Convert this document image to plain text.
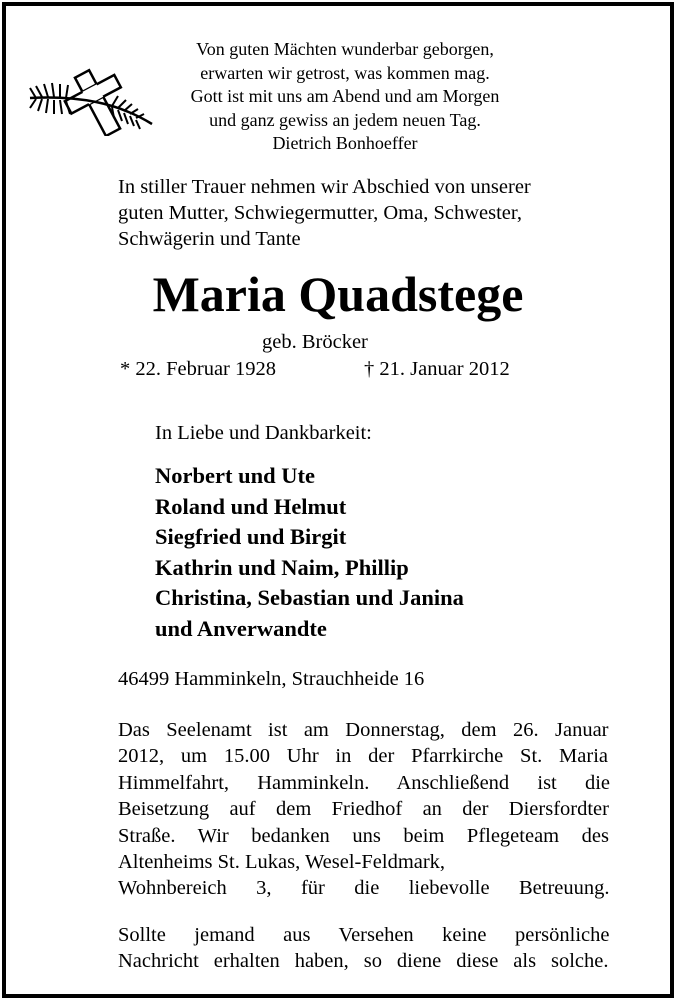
Von guten Mächten wunderbar geborgen,
erwarten wir getrost, was kommen mag.
Gott ist mit uns am Abend und am Morgen
und ganz gewiss an jedem neuen Tag.
Dietrich Bonhoeffer
In stiller Trauer nehmen wir Abschied von unserer
guten Mutter, Schwiegermutter, Oma, Schwester,
Schwägerin und Tante
Maria Quadstege
geb. Bröcker
* 22. Februar 1928	† 21. Januar 2012
In Liebe und Dankbarkeit:
Norbert und Ute
Roland und Helmut
Siegfried und Birgit
Kathrin und Naim, Phillip
Christina, Sebastian und Janina
und Anverwandte
46499 Hamminkeln, Strauchheide 16
Das Seelenamt ist am Donnerstag, dem 26. Januar
2012, um 15.00 Uhr in der Pfarrkirche St. Maria
Himmelfahrt, Hamminkeln. Anschließend ist die
Beisetzung auf dem Friedhof an der Diersfordter
Straße. Wir bedanken uns beim Pflegeteam des
Altenheims St. Lukas, Wesel-Feldmark,
Wohnbereich 3, für die liebevolle Betreuung.
Sollte jemand aus Versehen keine persönliche
Nachricht erhalten haben, so diene diese als solche.
